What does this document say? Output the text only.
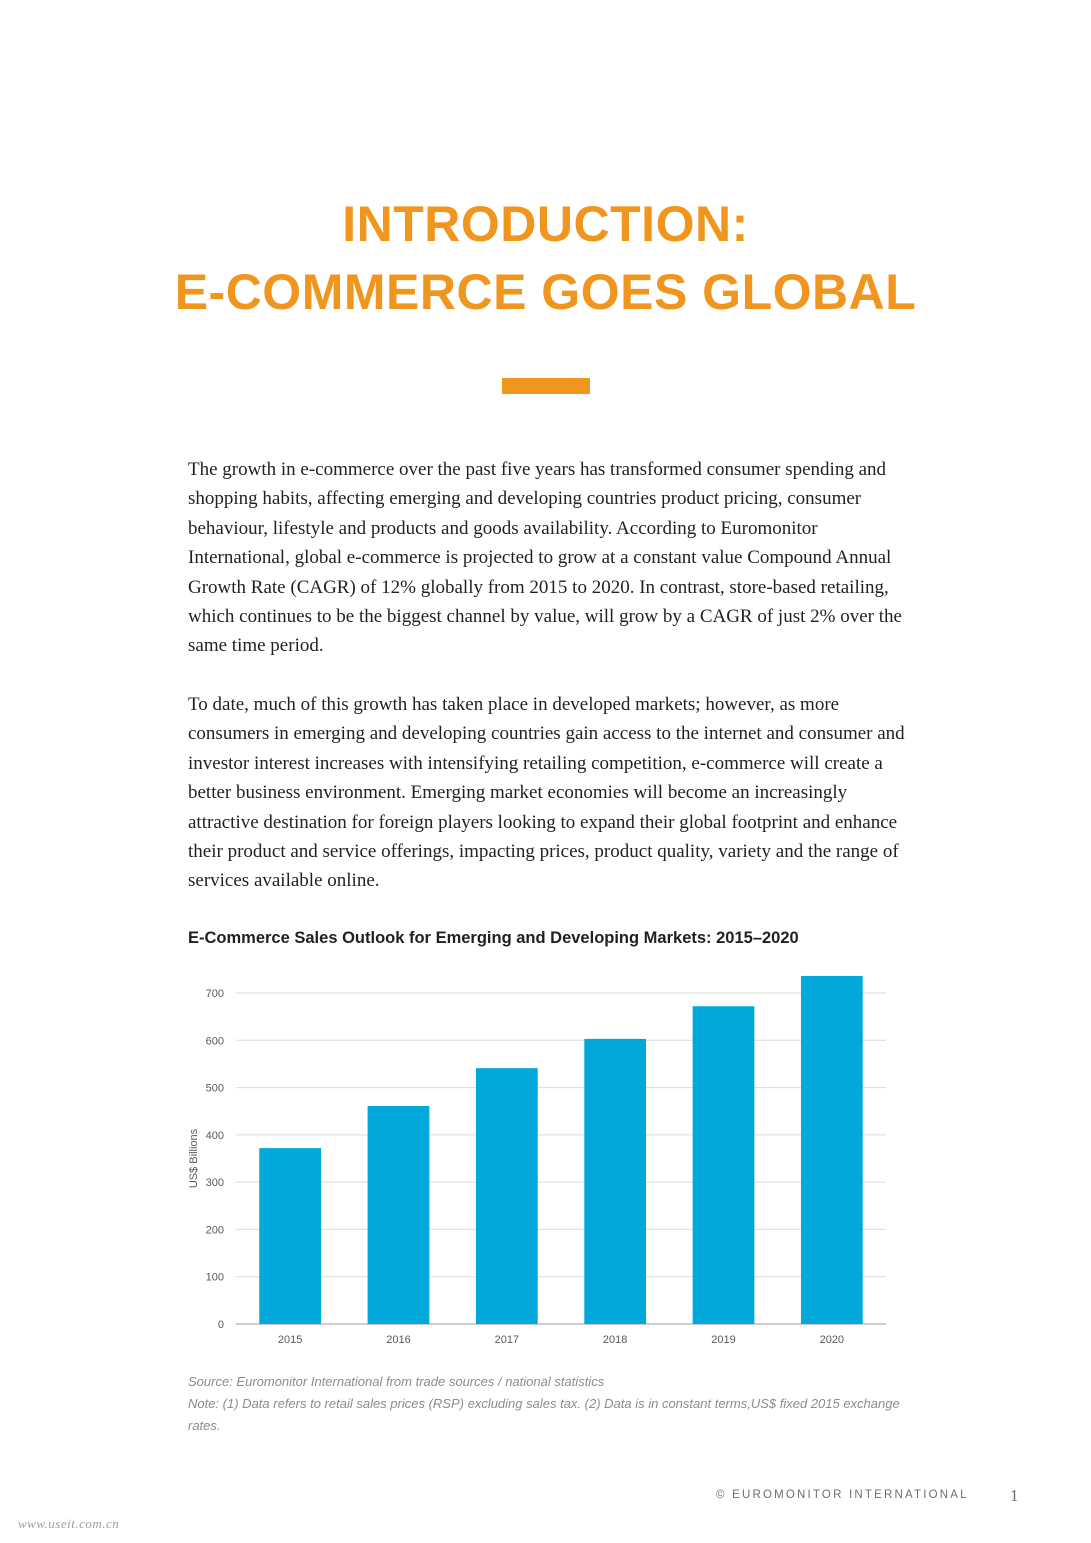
INTRODUCTION:
E-COMMERCE GOES GLOBAL

The growth in e-commerce over the past five years has transformed consumer spending and shopping habits, affecting emerging and developing countries product pricing, consumer behaviour, lifestyle and products and goods availability. According to Euromonitor International, global e-commerce is projected to grow at a constant value Compound Annual Growth Rate (CAGR) of 12% globally from 2015 to 2020. In contrast, store-based retailing, which continues to be the biggest channel by value, will grow by a CAGR of just 2% over the same time period.

To date, much of this growth has taken place in developed markets; however, as more consumers in emerging and developing countries gain access to the internet and consumer and investor interest increases with intensifying retailing competition, e-commerce will create a better business environment. Emerging market economies will become an increasingly attractive destination for foreign players looking to expand their global footprint and enhance their product and service offerings, impacting prices, product quality, variety and the range of services available online.

E-Commerce Sales Outlook for Emerging and Developing Markets: 2015–2020
0
100
200
300
400
500
600
700
US$ Billions
2015	2016	2017	2018	2019	2020

Source: Euromonitor International from trade sources / national statistics

Note: (1) Data refers to retail sales prices (RSP) excluding sales tax. (2) Data is in constant terms,US$ fixed 2015 exchange rates.

© EUROMONITOR INTERNATIONAL 1
www.useit.com.cn
